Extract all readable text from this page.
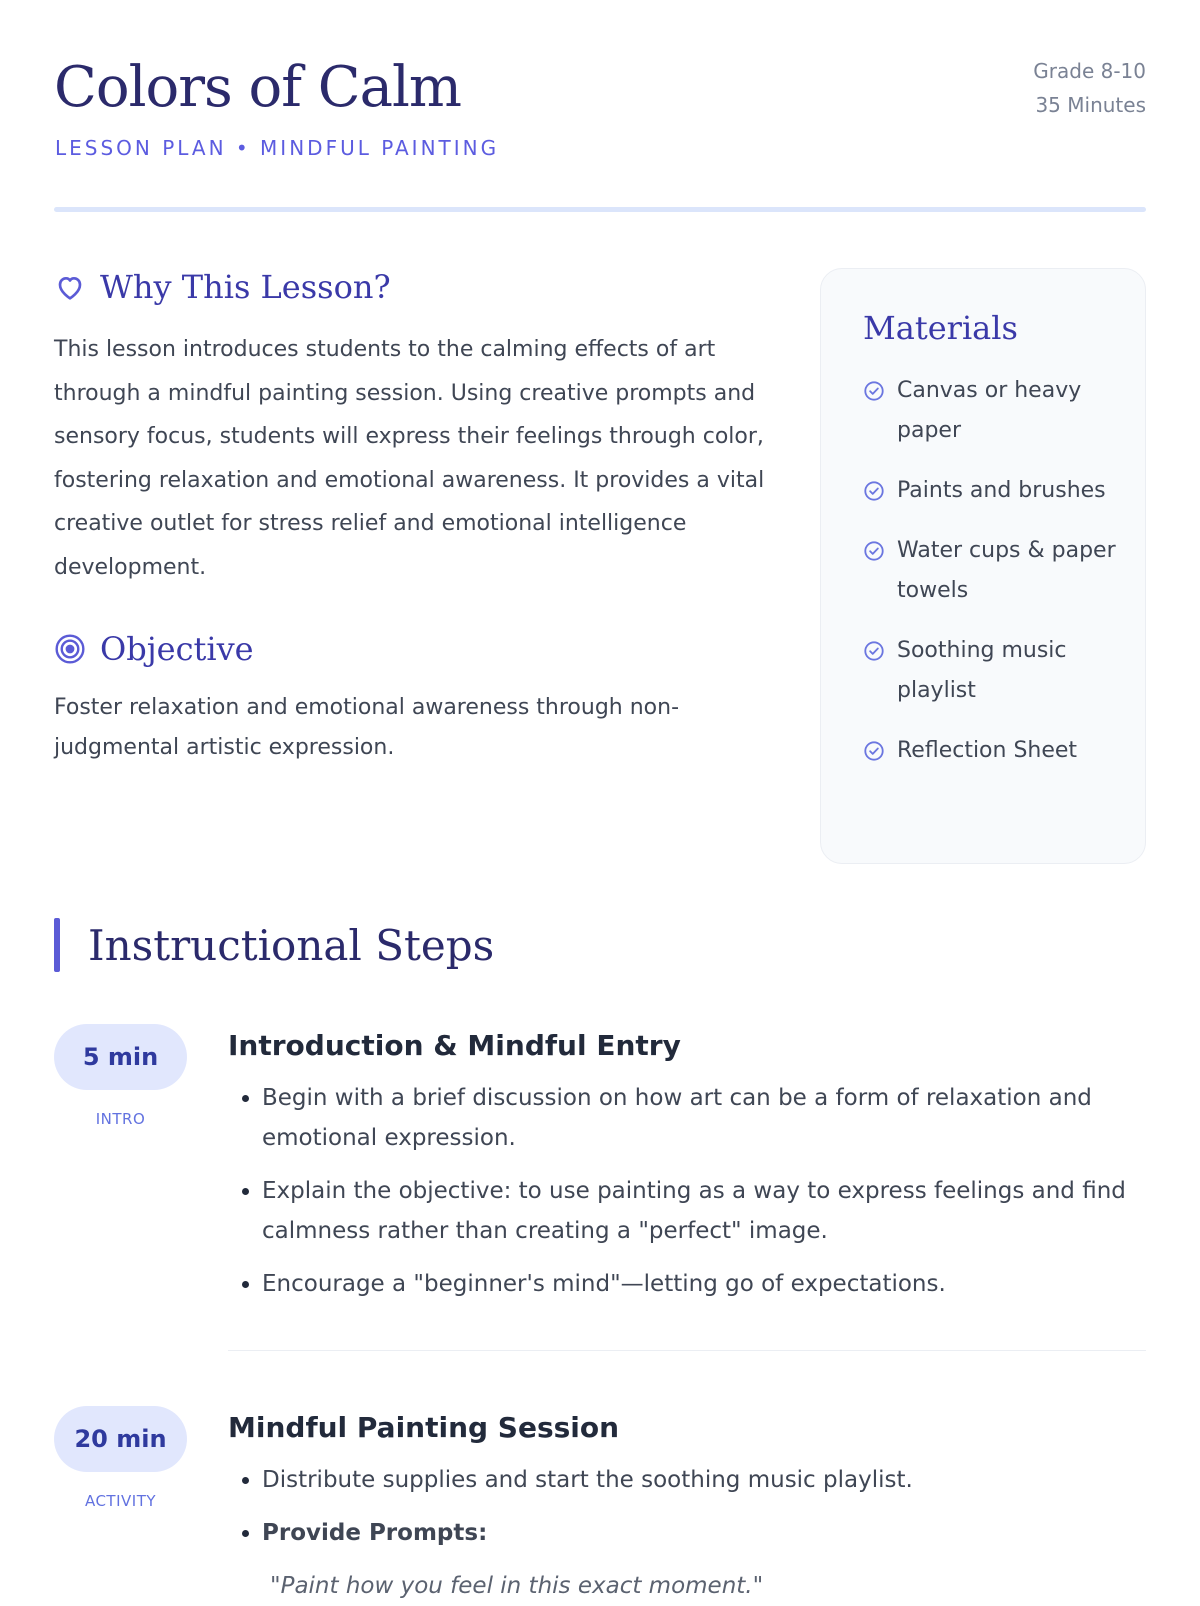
Colors of Calm
LESSON PLAN • MINDFUL PAINTING
Grade 8-10
35 Minutes
Why This Lesson?

This lesson introduces students to the calming effects of art through a mindful painting session. Using creative prompts and sensory focus, students will express their feelings through color, fostering relaxation and emotional awareness. It provides a vital creative outlet for stress relief and emotional intelligence development.

Objective

Foster relaxation and emotional awareness through non-judgmental artistic expression.

Materials
Canvas or heavy paper
Paints and brushes
Water cups & paper towels
Soothing music playlist
Reflection Sheet
Instructional Steps
5 min
INTRO
Introduction & Mindful Entry
• Begin with a brief discussion on how art can be a form of relaxation and emotional expression.
• Explain the objective: to use painting as a way to express feelings and find calmness rather than creating a "perfect" image.
• Encourage a "beginner's mind"—letting go of expectations.
20 min
ACTIVITY
Mindful Painting Session
• Distribute supplies and start the soothing music playlist.
• Provide Prompts:

"Paint how you feel in this exact moment."
